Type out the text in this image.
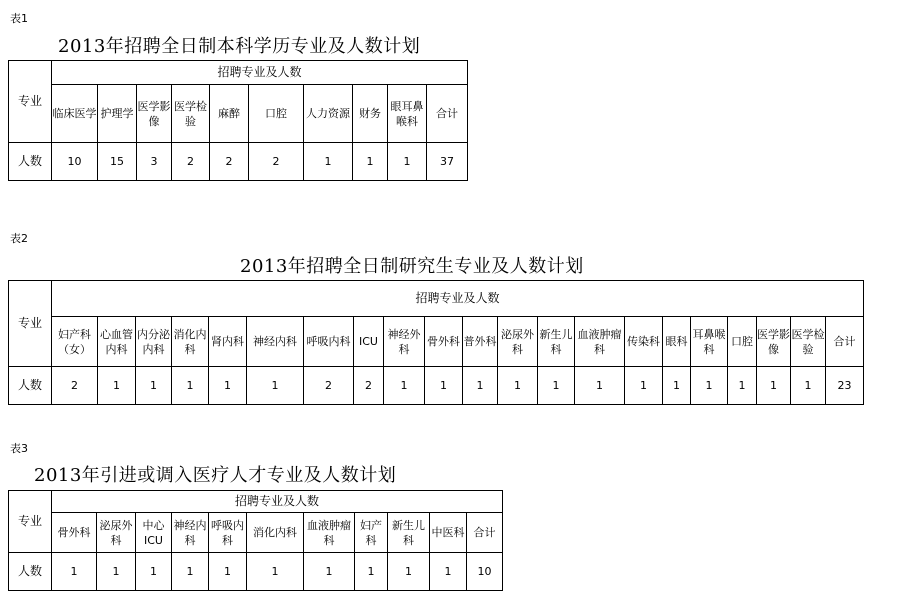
表1
2013年招聘全日制本科学历专业及人数计划
专业	招聘专业及人数									
	临床医学	护理学	医学影像	医学检验	麻醉	口腔	人力资源	财务	眼耳鼻喉科	合计
人数	10	15	3	2	2	2	1	1	1	37
表2
2013年招聘全日制研究生专业及人数计划
专业	招聘专业及人数																				
	妇产科（女）	心血管内科	内分泌内科	消化内科	肾内科	神经内科	呼吸内科	ICU	神经外科	骨外科	普外科	泌尿外科	新生儿科	血液肿瘤科	传染科	眼科	耳鼻喉科	口腔	医学影像	医学检验	合计
人数	2	1	1	1	1	1	2	2	1	1	1	1	1	1	1	1	1	1	1	1	23
表3
2013年引进或调入医疗人才专业及人数计划
专业	招聘专业及人数										
	骨外科	泌尿外科	中心ICU	神经内科	呼吸内科	消化内科	血液肿瘤科	妇产科	新生儿科	中医科	合计
人数	1	1	1	1	1	1	1	1	1	1	10
